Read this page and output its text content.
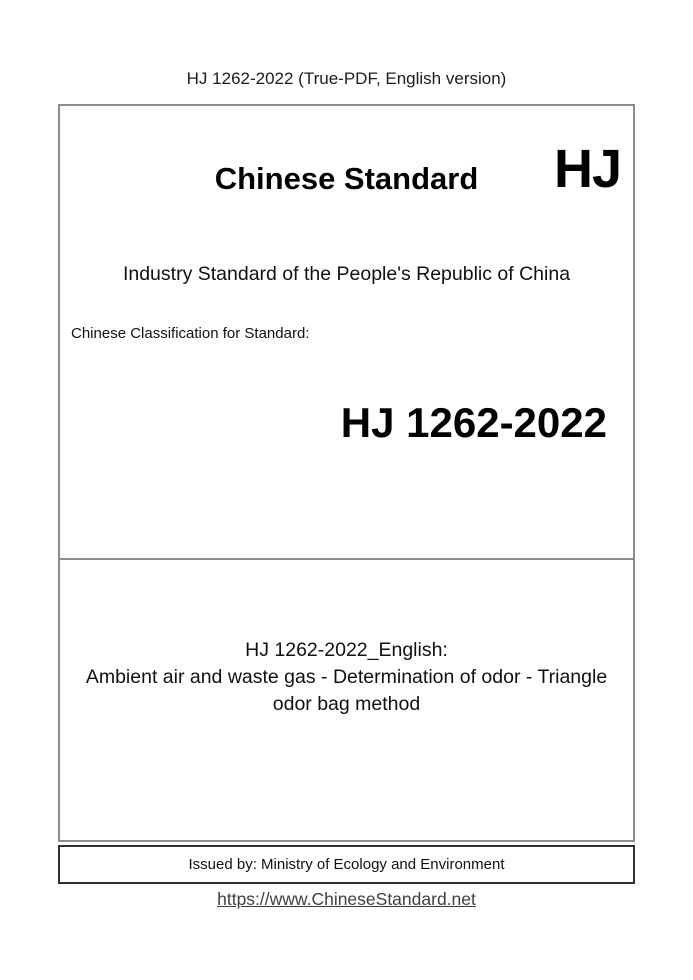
HJ 1262-2022 (True-PDF, English version)
Chinese Standard	HJ
Industry Standard of the People's Republic of China
Chinese Classification for Standard:
HJ 1262-2022
HJ 1262-2022_English:
Ambient air and waste gas - Determination of odor - Triangle odor bag method
Issued by: Ministry of Ecology and Environment
https://www.ChineseStandard.net
